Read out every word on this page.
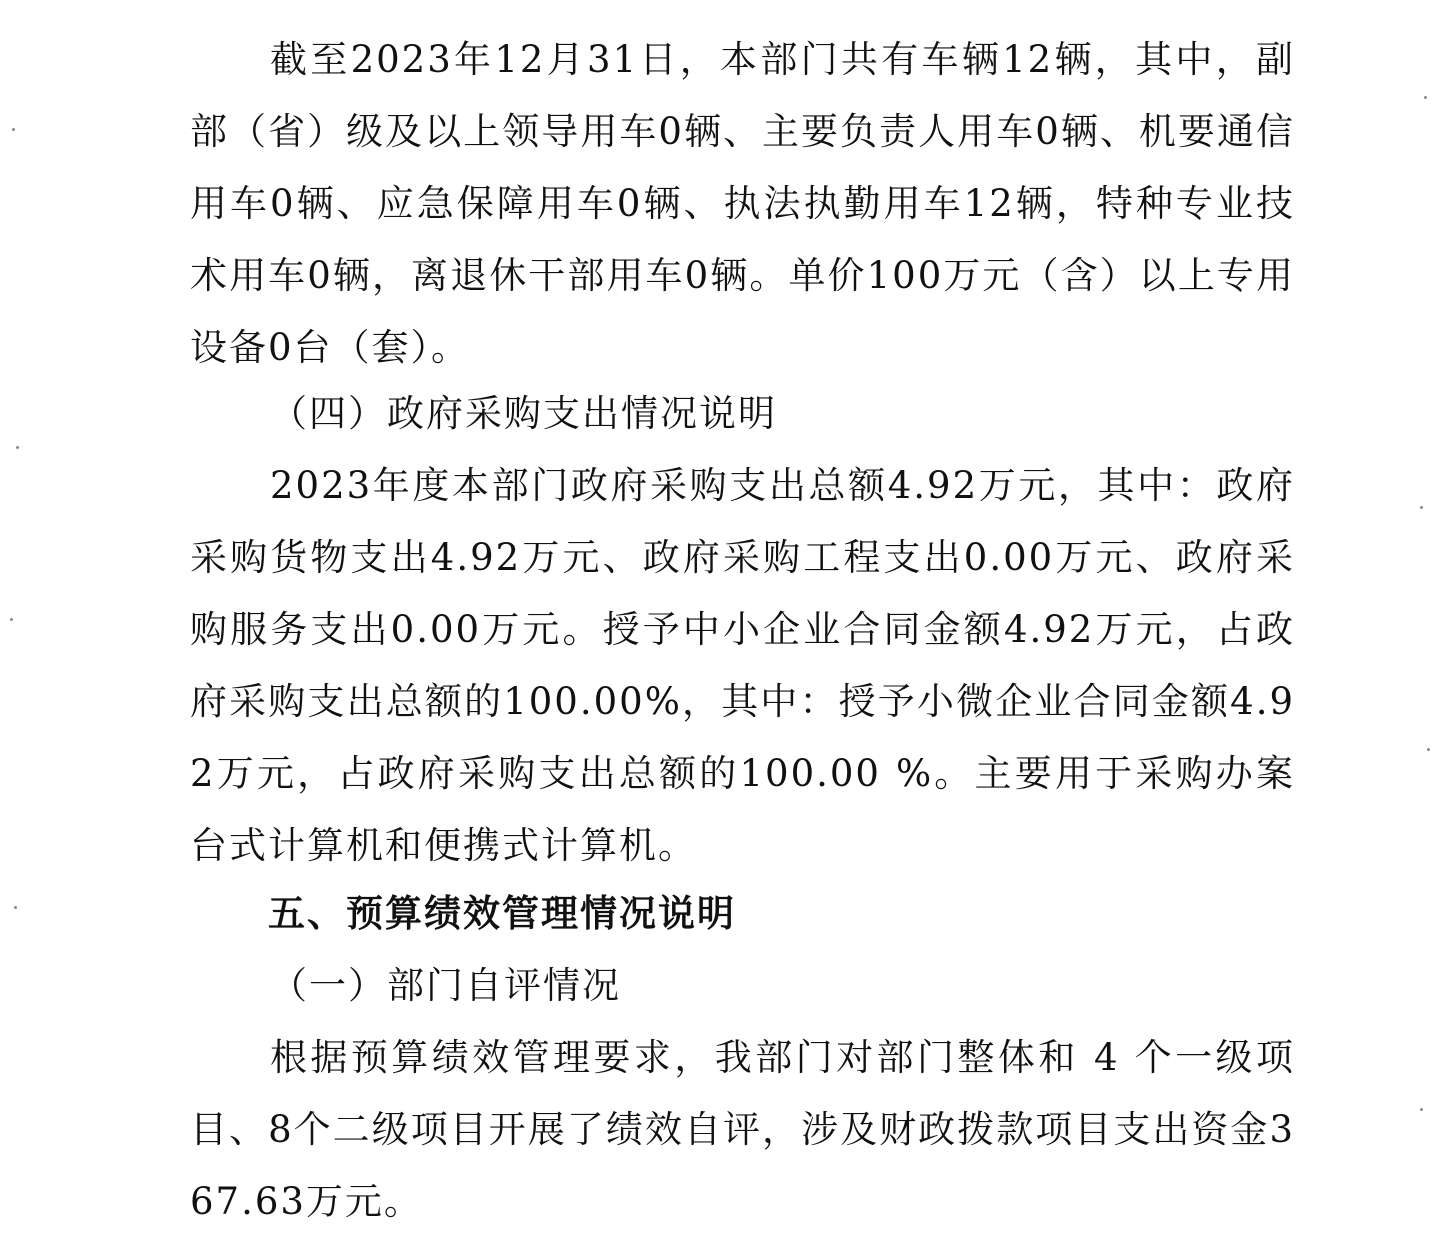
截至2023年12月31日，本部门共有车辆12辆，其中，副部（省）级及以上领导用车0辆、主要负责人用车0辆、机要通信用车0辆、应急保障用车0辆、执法执勤用车12辆，特种专业技术用车0辆，离退休干部用车0辆。单价100万元（含）以上专用设备0台（套）。

（四）政府采购支出情况说明

2023年度本部门政府采购支出总额4.92万元，其中：政府采购货物支出4.92万元、政府采购工程支出0.00万元、政府采购服务支出0.00万元。授予中小企业合同金额4.92万元，占政府采购支出总额的100.00%，其中：授予小微企业合同金额4.92万元，占政府采购支出总额的100.00 %。主要用于采购办案台式计算机和便携式计算机。

五、预算绩效管理情况说明
（一）部门自评情况

根据预算绩效管理要求，我部门对部门整体和 4 个一级项目、8个二级项目开展了绩效自评，涉及财政拨款项目支出资金367.63万元。
